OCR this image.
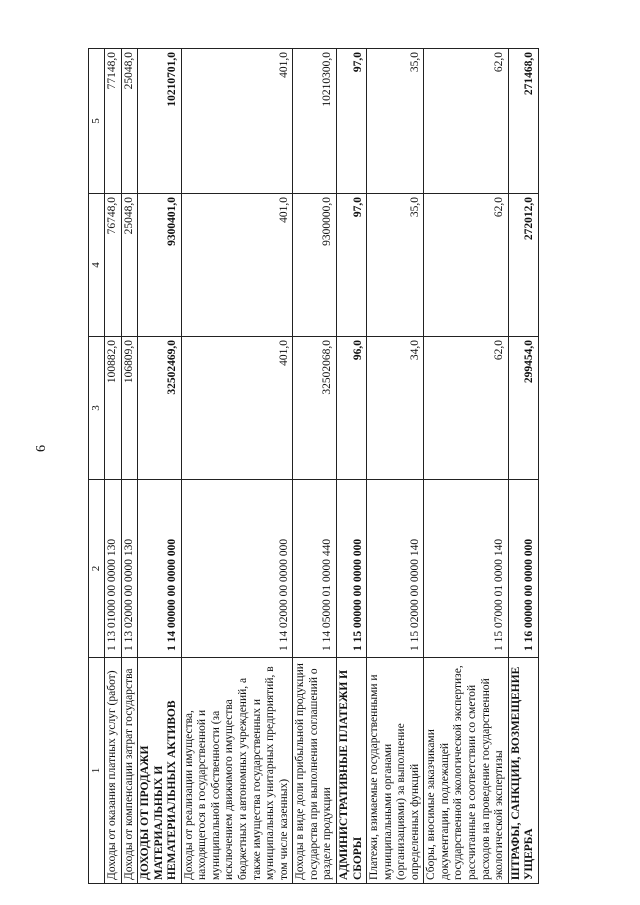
6
1	2	3	4	5
Доходы от оказания платных услуг (работ)	1 13 01000 00 0000 130	100882,0	76748,0	77148,0
Доходы от компенсации затрат государства	1 13 02000 00 0000 130	106809,0	25048,0	25048,0
ДОХОДЫ ОТ ПРОДАЖИ МАТЕРИАЛЬНЫХ И НЕМАТЕРИАЛЬНЫХ АКТИВОВ	1 14 00000 00 0000 000	32502469,0	9300401,0	10210701,0
Доходы от реализации имущества, находящегося в государственной и муниципальной собственности (за исключением движимого имущества бюджетных и автономных учреждений, а также имущества государственных и муниципальных унитарных предприятий, в том числе казенных)	1 14 02000 00 0000 000	401,0	401,0	401,0
Доходы в виде доли прибыльной продукции государства при выполнении соглашений о разделе продукции	1 14 05000 01 0000 440	32502068,0	9300000,0	10210300,0
АДМИНИСТРАТИВНЫЕ ПЛАТЕЖИ И СБОРЫ	1 15 00000 00 0000 000	96,0	97,0	97,0
Платежи, взимаемые государственными и муниципальными органами (организациями) за выполнение определенных функций	1 15 02000 00 0000 140	34,0	35,0	35,0
Сборы, вносимые заказчиками документации, подлежащей государственной экологической экспертизе, рассчитанные в соответствии со сметой расходов на проведение государственной экологической экспертизы	1 15 07000 01 0000 140	62,0	62,0	62,0
ШТРАФЫ, САНКЦИИ, ВОЗМЕЩЕНИЕ УЩЕРБА	1 16 00000 00 0000 000	299454,0	272012,0	271468,0
